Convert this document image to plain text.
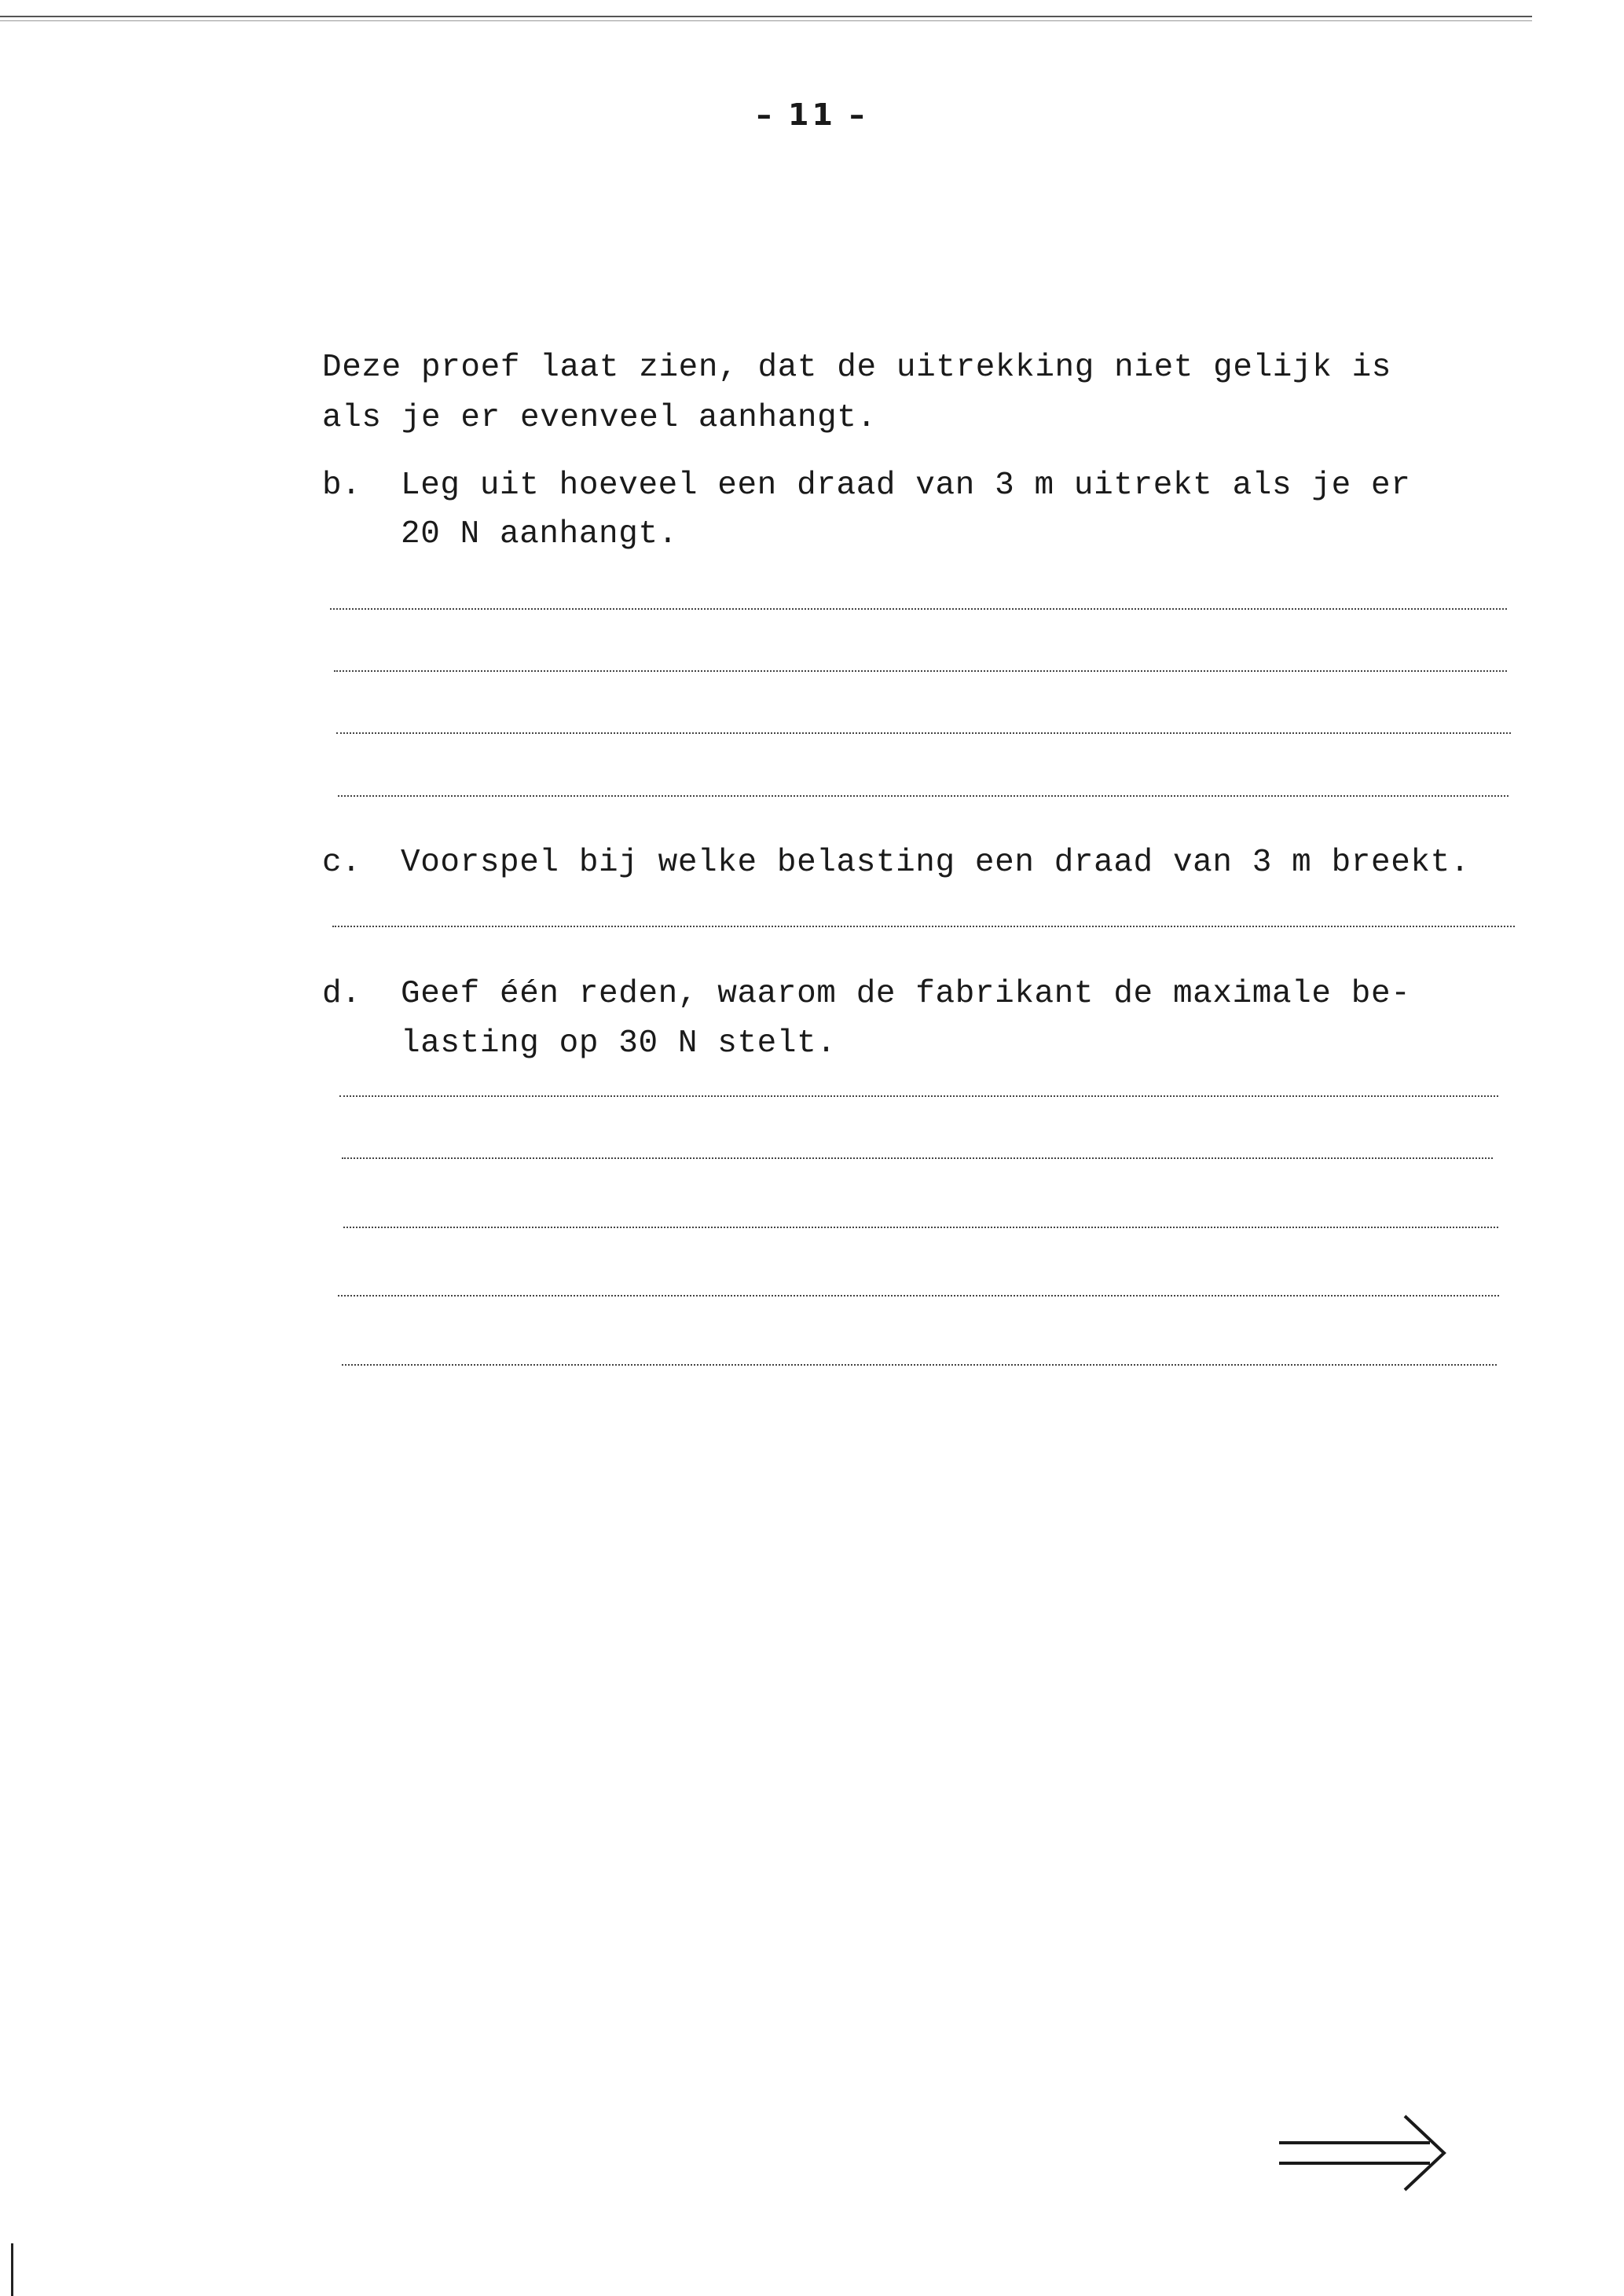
– 11 –
Deze proef laat zien, dat de uitrekking niet gelijk is
als je er evenveel aanhangt.
b. Leg uit hoeveel een draad van 3 m uitrekt als je er
20 N aanhangt.
c. Voorspel bij welke belasting een draad van 3 m breekt.
d. Geef één reden, waarom de fabrikant de maximale be-
lasting op 30 N stelt.
